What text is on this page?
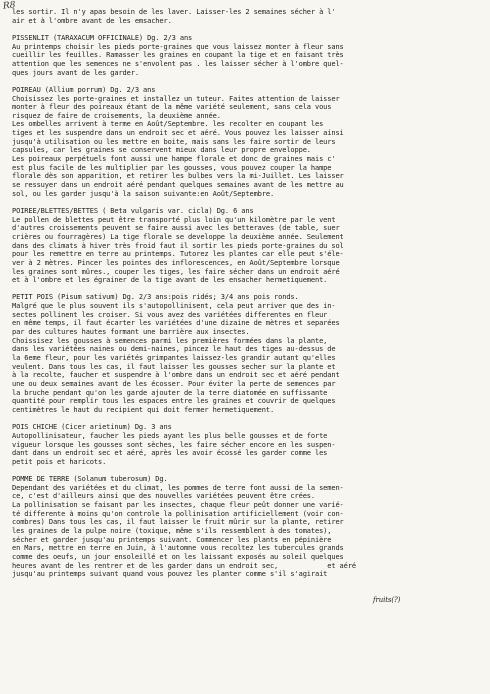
R8
les sortir. Il n'y apas besoin de les laver. Laisser-les 2 semaines sécher à l'
air et à l'ombre avant de les emsacher.
PISSENLIT (TARAXACUM OFFICINALE) Dg. 2/3 ans
Au printemps choisir les pieds porte-graines que vous laissez monter à fleur sans
cueillir les feuilles. Ramasser les graines en coupant la tige et en faisant très
attention que les semences ne s'envolent pas . les laisser sécher à l'ombre quel-
ques jours avant de les garder.
POIREAU (Allium porrum) Dg. 2/3 ans
Choisissez les porte-graines et installez un tuteur. Faites attention de laisser
monter à fleur des poireaux étant de la même variété seulement, sans cela vous
risquez de faire de croisements, la deuxième année.
Les ombelles arrivent à terme en Août/Septembre. les recolter en coupant les
tiges et les suspendre dans un endroit sec et aéré. Vous pouvez les laisser ainsi
jusqu'à utilisation ou les mettre en boite, mais sans les faire sortir de leurs
capsules, car les graines se conservent mieux dans leur propre enveloppe.
Les poireaux perpétuels font aussi une hampe florale et donc de graines mais c'
est plus facile de les multiplier par les gousses, vous pouvez couper la hampe
florale dès son apparition, et retirer les bulbes vers la mi-Juillet. Les laisser
se ressuyer dans un endroit aéré pendant quelques semaines avant de les mettre au
sol, ou les garder jusqu'à la saison suivante:en Août/Septembre.
POIREE/BLETTES/BETTES ( Beta vulgaris var. cicla) Dg. 6 ans
Le pollen de blettes peut être transporté plus loin qu'un kilomètre par le vent
d'autres croissements peuvent se faire aussi avec les betteraves (de table, suer
crières ou fourragères) La tige florale se developpe la deuxième année. Seulement
dans des climats à hiver très froid faut il sortir les pieds porte-graines du sol
pour les remettre en terre au printemps. Tutorez les plantes car elle peut s'éle-
ver à 2 mètres. Pincer les pointes des inflorescences, en Août/Septembre lorsque
les graines sont mûres., couper les tiges, les faire sécher dans un endroit aéré
et à l'ombre et les égrainer de la tige avant de les ensacher hermetiquement.
PETIT POIS (Pisum sativum) Dg. 2/3 ans:pois ridés; 3/4 ans pois ronds.
Malgré que le plus souvent ils s'autopollinisent, cela peut arriver que des in-
sectes pollinent les croiser. Si vous avez des variétées differentes en fleur
en même temps, il faut écarter les variétées d'une dizaine de mètres et separées
par des cultures hautes formant une barrière aux insectes.
Choissisez les gousses à semences parmi les premières formées dans la plante,
dans les variétées naines ou demi-naines, pincez le haut des tiges au-dessus de
la 6eme fleur, pour les variétés grimpantes laissez-les grandir autant qu'elles
veulent. Dans tous les cas, il faut laisser les gousses secher sur la plante et
à la recolte, faucher et suspendre à l'ombre dans un endroit sec et aéré pendant
une ou deux semaines avant de les écosser. Pour éviter la perte de semences par
la bruche pendant qu'on les garde ajouter de la terre diatomée en suffissante
quantité pour remplir tous les espaces entre les graines et couvrir de quelques
centimètres le haut du recipient qui doit fermer hermetiquement.
POIS CHICHE (Cicer arietinum) Dg. 3 ans
Autopollinisateur, faucher les pieds ayant les plus belle gousses et de forte
vigueur lorsque les gousses sont sèches, les faire sécher encore en les suspen-
dant dans un endroit sec et aéré, après les avoir écossé les garder comme les
petit pois et haricots.
POMME DE TERRE (Solanum tuberosum) Dg.
Dependant des variétées et du climat, les pommes de terre font aussi de la semen-
ce, c'est d'ailleurs ainsi que des nouvelles variétées peuvent être crées.
La pollinisation se faisant par les insectes, chaque fleur peût donner une varié-
té differente à moins qu'on controle la pollinisation artificiellement (voir con-
combres) Dans tous les cas, il faut laisser le fruit mûrir sur la plante, retirer
les graines de la pulpe noire (toxique, même s'ils ressemblent à des tomates),
sécher et garder jusqu'au printemps suivant. Commencer les plants en pépinière
en Mars, mettre en terre en Juin, à l'automne vous recoltez les tubercules grands
comme des oeufs, un jour ensoleillé et on les laissant exposés au soleil quelques
heures avant de les rentrer et de les garder dans un endroit sec,            et aéré
jusqu'au printemps suivant quand vous pouvez les planter comme s'il s'agirait
fruits(?)
